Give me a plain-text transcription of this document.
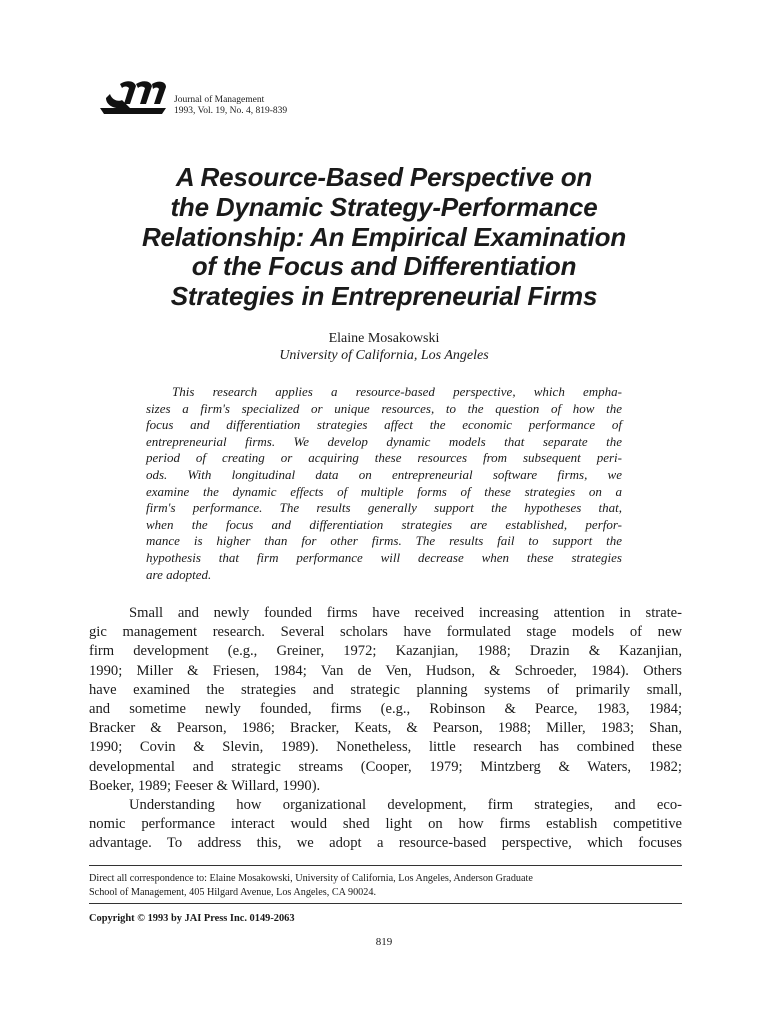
Journal of Management
1993, Vol. 19, No. 4, 819-839
A Resource-Based Perspective on
the Dynamic Strategy-Performance
Relationship: An Empirical Examination
of the Focus and Differentiation
Strategies in Entrepreneurial Firms
Elaine Mosakowski
University of California, Los Angeles
This research applies a resource-based perspective, which empha-
sizes a firm's specialized or unique resources, to the question of how the
focus and differentiation strategies affect the economic performance of
entrepreneurial firms. We develop dynamic models that separate the
period of creating or acquiring these resources from subsequent peri-
ods. With longitudinal data on entrepreneurial software firms, we
examine the dynamic effects of multiple forms of these strategies on a
firm's performance. The results generally support the hypotheses that,
when the focus and differentiation strategies are established, perfor-
mance is higher than for other firms. The results fail to support the
hypothesis that firm performance will decrease when these strategies
are adopted.
Small and newly founded firms have received increasing attention in strate-
gic management research. Several scholars have formulated stage models of new
firm development (e.g., Greiner, 1972; Kazanjian, 1988; Drazin & Kazanjian,
1990; Miller & Friesen, 1984; Van de Ven, Hudson, & Schroeder, 1984). Others
have examined the strategies and strategic planning systems of primarily small,
and sometime newly founded, firms (e.g., Robinson & Pearce, 1983, 1984;
Bracker & Pearson, 1986; Bracker, Keats, & Pearson, 1988; Miller, 1983; Shan,
1990; Covin & Slevin, 1989). Nonetheless, little research has combined these
developmental and strategic streams (Cooper, 1979; Mintzberg & Waters, 1982;
Boeker, 1989; Feeser & Willard, 1990).
Understanding how organizational development, firm strategies, and eco-
nomic performance interact would shed light on how firms establish competitive
advantage. To address this, we adopt a resource-based perspective, which focuses
Direct all correspondence to: Elaine Mosakowski, University of California, Los Angeles, Anderson Graduate
School of Management, 405 Hilgard Avenue, Los Angeles, CA 90024.
Copyright © 1993 by JAI Press Inc. 0149-2063
819
